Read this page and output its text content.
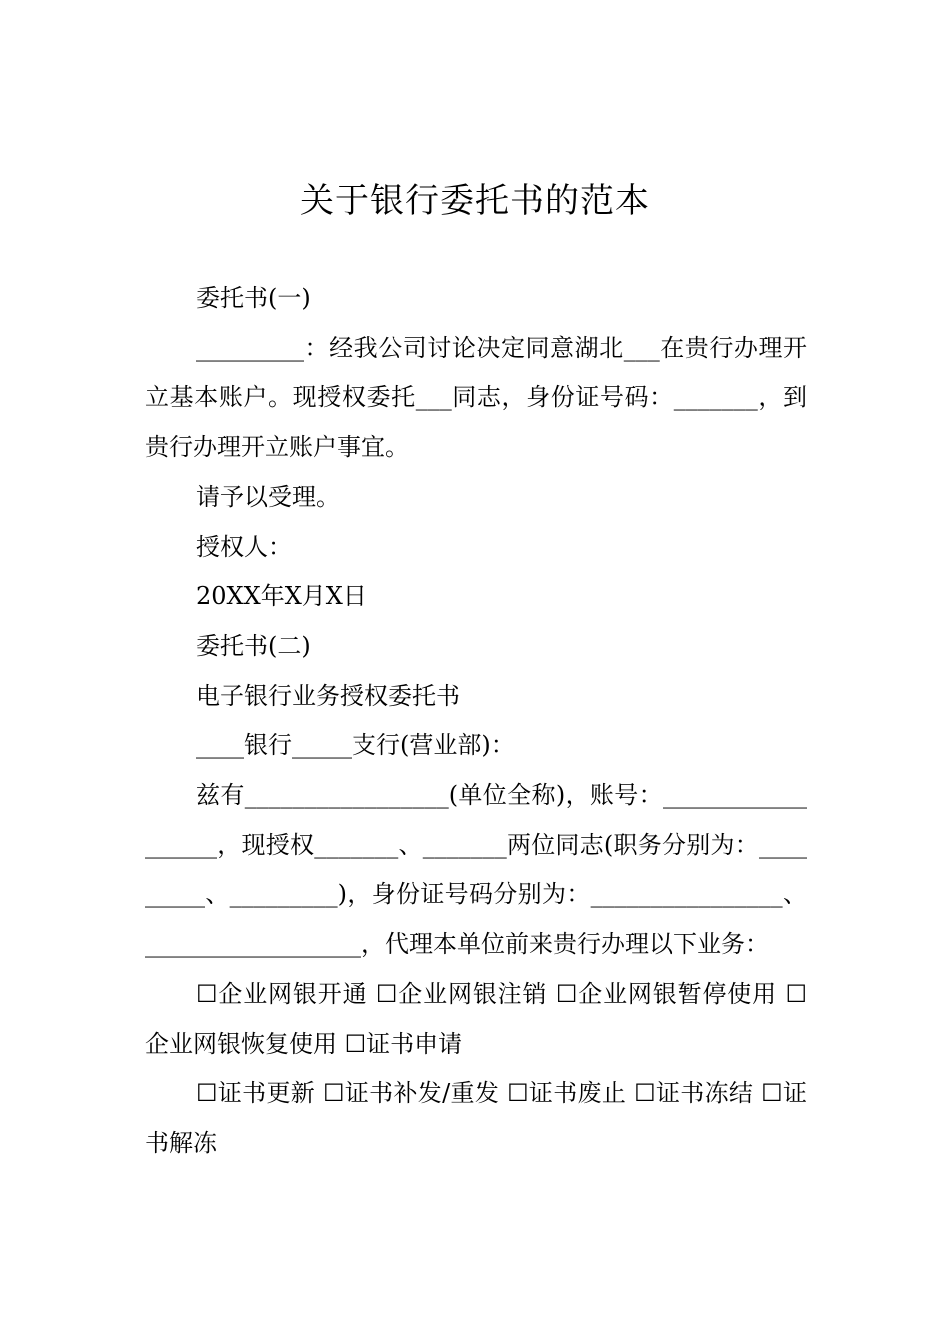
关于银行委托书的范本

委托书(一)

_________：经我公司讨论决定同意湖北___在贵行办理开立基本账户。现授权委托___同志，身份证号码：_______，到贵行办理开立账户事宜。

请予以受理。

授权人：

20XX年X月X日

委托书(二)

电子银行业务授权委托书

____银行_____支行(营业部)：

兹有_________________(单位全称)，账号：__________________，现授权_______、_______两位同志(职务分别为：_________、_________)，身份证号码分别为：________________、__________________，代理本单位前来贵行办理以下业务：

☐企业网银开通 ☐企业网银注销 ☐企业网银暂停使用 ☐企业网银恢复使用 ☐证书申请

☐证书更新 ☐证书补发/重发 ☐证书废止 ☐证书冻结 ☐证书解冻
